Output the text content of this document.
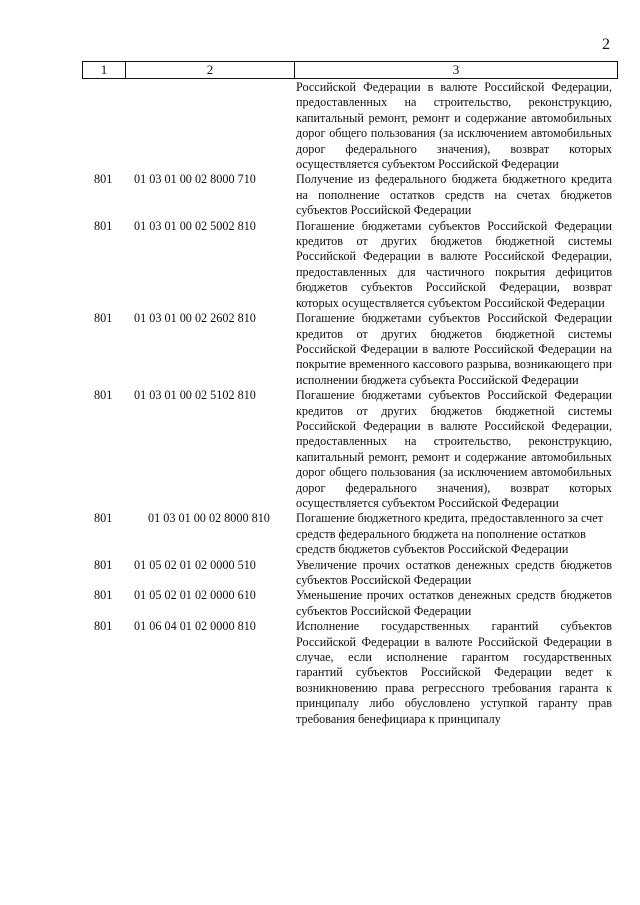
2
1	2	3
Российской Федерации в валюте Российской Федерации, предоставленных на строительство, реконструкцию, капитальный ремонт, ремонт и содержание автомобильных дорог общего пользования (за исключением автомобильных дорог федерального значения), возврат которых осуществляется субъектом Российской Федерации
801	01 03 01 00 02 8000 710	Получение из федерального бюджета бюджетного кредита на пополнение остатков средств на счетах бюджетов субъектов Российской Федерации
801	01 03 01 00 02 5002 810	Погашение бюджетами субъектов Российской Федерации кредитов от других бюджетов бюджетной системы Российской Федерации в валюте Российской Федерации, предоставленных для частичного покрытия дефицитов бюджетов субъектов Российской Федерации, возврат которых осуществляется субъектом Российской Федерации
801	01 03 01 00 02 2602 810	Погашение бюджетами субъектов Российской Федерации кредитов от других бюджетов бюджетной системы Российской Федерации в валюте Российской Федерации на покрытие временного кассового разрыва, возникающего при исполнении бюджета субъекта Российской Федерации
801	01 03 01 00 02 5102 810	Погашение бюджетами субъектов Российской Федерации кредитов от других бюджетов бюджетной системы Российской Федерации в валюте Российской Федерации, предоставленных на строительство, реконструкцию, капитальный ремонт, ремонт и содержание автомобильных дорог общего пользования (за исключением автомобильных дорог федерального значения), возврат которых осуществляется субъектом Российской Федерации
801	01 03 01 00 02 8000 810	Погашение бюджетного кредита, предоставленного за счет средств федерального бюджета на пополнение остатков средств бюджетов субъектов Российской Федерации
801	01 05 02 01 02 0000 510	Увеличение прочих остатков денежных средств бюджетов субъектов Российской Федерации
801	01 05 02 01 02 0000 610	Уменьшение прочих остатков денежных средств бюджетов субъектов Российской Федерации
801	01 06 04 01 02 0000 810	Исполнение государственных гарантий субъектов Российской Федерации в валюте Российской Федерации в случае, если исполнение гарантом государственных гарантий субъектов Российской Федерации ведет к возникновению права регрессного требования гаранта к принципалу либо обусловлено уступкой гаранту прав требования бенефициара к принципалу
